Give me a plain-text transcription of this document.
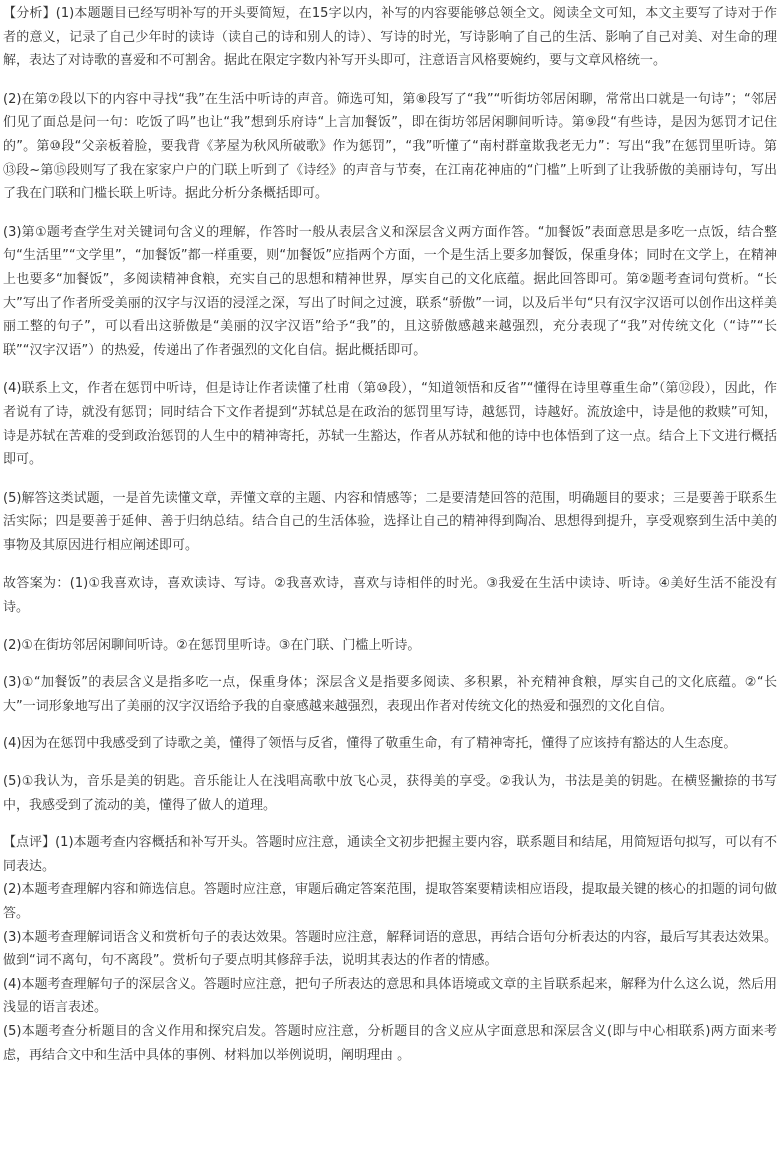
【分析】(1)本题题目已经写明补写的开头要简短，在15字以内，补写的内容要能够总领全文。阅读全文可知，本文主要写了诗对于作者的意义，记录了自己少年时的读诗（读自己的诗和别人的诗）、写诗的时光，写诗影响了自己的生活、影响了自己对美、对生命的理解，表达了对诗歌的喜爱和不可割舍。据此在限定字数内补写开头即可，注意语言风格要婉约，要与文章风格统一。

(2)在第⑦段以下的内容中寻找“我”在生活中听诗的声音。筛选可知，第⑧段写了“我”“听街坊邻居闲聊，常常出口就是一句诗”；“邻居们见了面总是问一句：吃饭了吗”也让“我”想到乐府诗“上言加餐饭”，即在街坊邻居闲聊间听诗。第⑨段“有些诗，是因为惩罚才记住的”。第⑩段“父亲板着脸，要我背《茅屋为秋风所破歌》作为惩罚”，“我”听懂了“南村群童欺我老无力”：写出“我”在惩罚里听诗。第⑬段~第⑮段则写了我在家家户户的门联上听到了《诗经》的声音与节奏，在江南花神庙的“门槛”上听到了让我骄傲的美丽诗句，写出了我在门联和门槛长联上听诗。据此分析分条概括即可。

(3)第①题考查学生对关键词句含义的理解，作答时一般从表层含义和深层含义两方面作答。“加餐饭”表面意思是多吃一点饭，结合整句“生活里”“文学里”，“加餐饭”都一样重要，则“加餐饭”应指两个方面，一个是生活上要多加餐饭，保重身体；同时在文学上，在精神上也要多“加餐饭”，多阅读精神食粮，充实自己的思想和精神世界，厚实自己的文化底蕴。据此回答即可。第②题考查词句赏析。“长大”写出了作者所受美丽的汉字与汉语的浸淫之深，写出了时间之过渡，联系“骄傲”一词，以及后半句“只有汉字汉语可以创作出这样美丽工整的句子”，可以看出这骄傲是“美丽的汉字汉语”给予“我”的，且这骄傲感越来越强烈，充分表现了“我”对传统文化（“诗”“长联”“汉字汉语”）的热爱，传递出了作者强烈的文化自信。据此概括即可。

(4)联系上文，作者在惩罚中听诗，但是诗让作者读懂了杜甫（第⑩段），“知道领悟和反省”“懂得在诗里尊重生命”（第⑫段），因此，作者说有了诗，就没有惩罚；同时结合下文作者提到“苏轼总是在政治的惩罚里写诗，越惩罚，诗越好。流放途中，诗是他的救赎”可知，诗是苏轼在苦难的受到政治惩罚的人生中的精神寄托，苏轼一生豁达，作者从苏轼和他的诗中也体悟到了这一点。结合上下文进行概括即可。

(5)解答这类试题，一是首先读懂文章，弄懂文章的主题、内容和情感等；二是要清楚回答的范围，明确题目的要求；三是要善于联系生活实际；四是要善于延伸、善于归纳总结。结合自己的生活体验，选择让自己的精神得到陶冶、思想得到提升，享受观察到生活中美的事物及其原因进行相应阐述即可。

故答案为：(1)①我喜欢诗，喜欢读诗、写诗。②我喜欢诗，喜欢与诗相伴的时光。③我爱在生活中读诗、听诗。④美好生活不能没有诗。

(2)①在街坊邻居闲聊间听诗。②在惩罚里听诗。③在门联、门槛上听诗。

(3)①“加餐饭”的表层含义是指多吃一点，保重身体；深层含义是指要多阅读、多积累，补充精神食粮，厚实自己的文化底蕴。②“长大”一词形象地写出了美丽的汉字汉语给予我的自豪感越来越强烈，表现出作者对传统文化的热爱和强烈的文化自信。

(4)因为在惩罚中我感受到了诗歌之美，懂得了领悟与反省，懂得了敬重生命，有了精神寄托，懂得了应该持有豁达的人生态度。

(5)①我认为，音乐是美的钥匙。音乐能让人在浅唱高歌中放飞心灵，获得美的享受。②我认为，书法是美的钥匙。在横竖撇捺的书写中，我感受到了流动的美，懂得了做人的道理。

【点评】(1)本题考查内容概括和补写开头。答题时应注意，通读全文初步把握主要内容，联系题目和结尾，用简短语句拟写，可以有不同表达。

(2)本题考查理解内容和筛选信息。答题时应注意，审题后确定答案范围，提取答案要精读相应语段，提取最关键的核心的扣题的词句做答。

(3)本题考查理解词语含义和赏析句子的表达效果。答题时应注意，解释词语的意思，再结合语句分析表达的内容，最后写其表达效果。做到“词不离句，句不离段”。赏析句子要点明其修辞手法，说明其表达的作者的情感。

(4)本题考查理解句子的深层含义。答题时应注意，把句子所表达的意思和具体语境或文章的主旨联系起来，解释为什么这么说，然后用浅显的语言表述。

(5)本题考查分析题目的含义作用和探究启发。答题时应注意，分析题目的含义应从字面意思和深层含义(即与中心相联系)两方面来考虑，再结合文中和生活中具体的事例、材料加以举例说明，阐明理由 。
